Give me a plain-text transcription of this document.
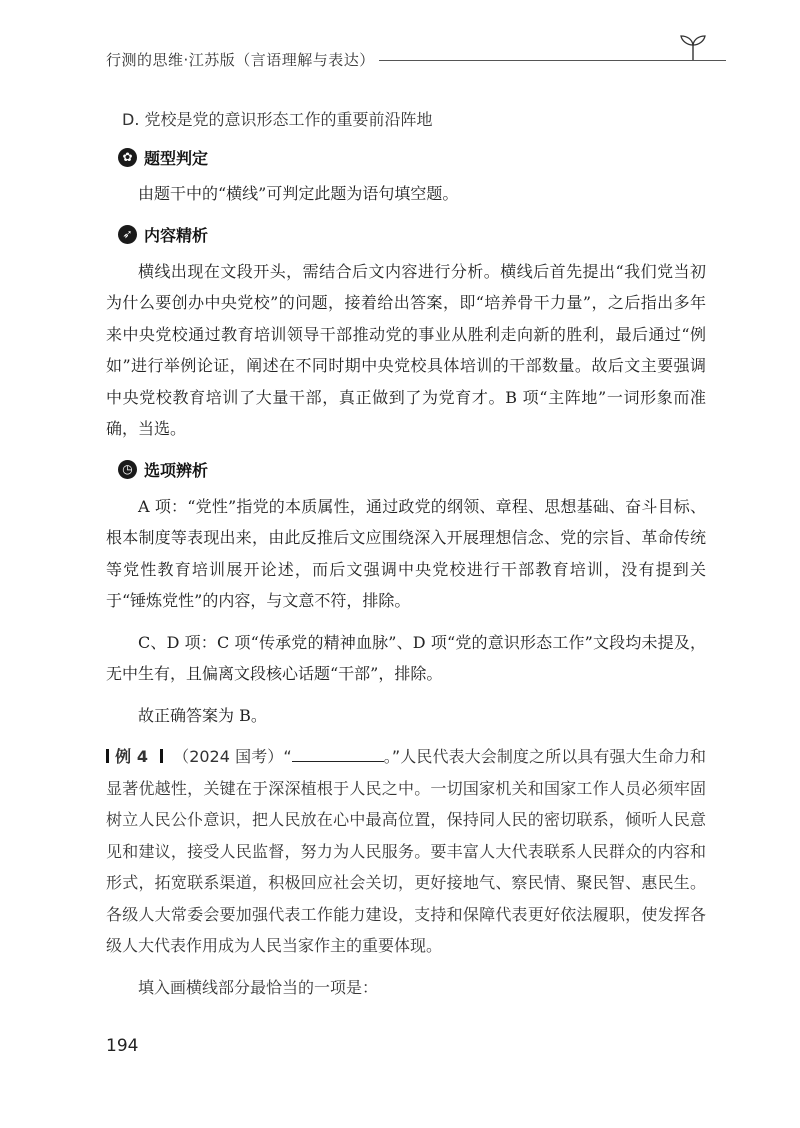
行测的思维·江苏版（言语理解与表达）
D. 党校是党的意识形态工作的重要前沿阵地
✿ 题型判定

由题干中的“横线”可判定此题为语句填空题。

➶ 内容精析

横线出现在文段开头，需结合后文内容进行分析。横线后首先提出“我们党当初为什么要创办中央党校”的问题，接着给出答案，即“培养骨干力量”，之后指出多年来中央党校通过教育培训领导干部推动党的事业从胜利走向新的胜利，最后通过“例如”进行举例论证，阐述在不同时期中央党校具体培训的干部数量。故后文主要强调中央党校教育培训了大量干部，真正做到了为党育才。B 项“主阵地”一词形象而准确，当选。

◷ 选项辨析

A 项：“党性”指党的本质属性，通过政党的纲领、章程、思想基础、奋斗目标、根本制度等表现出来，由此反推后文应围绕深入开展理想信念、党的宗旨、革命传统等党性教育培训展开论述，而后文强调中央党校进行干部教育培训，没有提到关于“锤炼党性”的内容，与文意不符，排除。

C、D 项：C 项“传承党的精神血脉”、D 项“党的意识形态工作”文段均未提及，无中生有，且偏离文段核心话题“干部”，排除。

故正确答案为 B。

例 4 （2024 国考）“	。”人民代表大会制度之所以具有强大生命力和显著优越性，关键在于深深植根于人民之中。一切国家机关和国家工作人员必须牢固树立人民公仆意识，把人民放在心中最高位置，保持同人民的密切联系，倾听人民意见和建议，接受人民监督，努力为人民服务。要丰富人大代表联系人民群众的内容和形式，拓宽联系渠道，积极回应社会关切，更好接地气、察民情、聚民智、惠民生。各级人大常委会要加强代表工作能力建设，支持和保障代表更好依法履职，使发挥各级人大代表作用成为人民当家作主的重要体现。

填入画横线部分最恰当的一项是：

194
